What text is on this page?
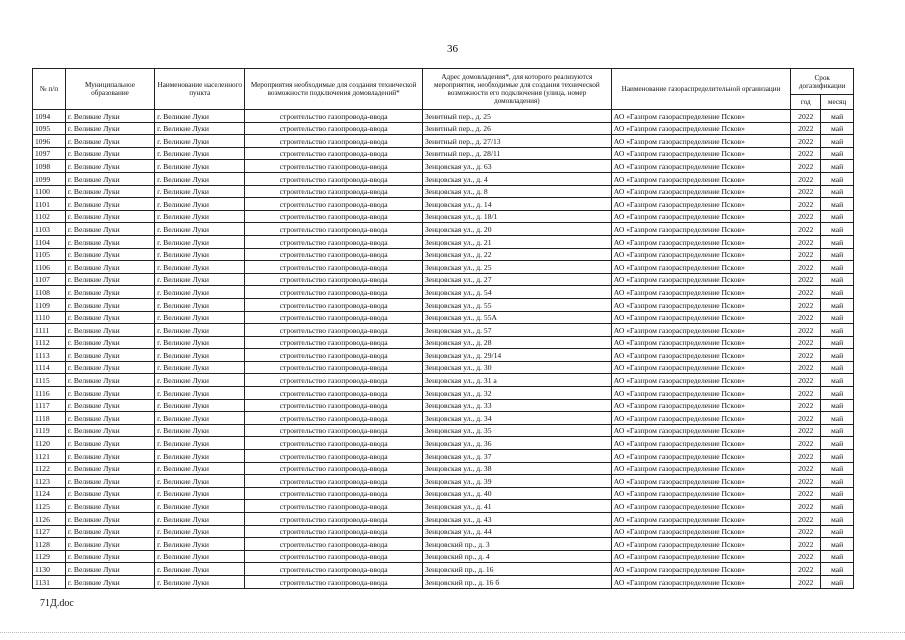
36
№ п/п	Муниципальное образование	Наименование населенного пункта	Мероприятия необходимые для создания технической возможности подключения домовладений*	Адрес домовладения*, для которого реализуются мероприятия, необходимые для создания технической возможности его подключения (улица, номер домовладения)	Наименование газораспределительной организации	Срок догазификации	
						год	месяц
1094	г. Великие Луки	г. Великие Луки	строительство газопровода-ввода	Зенитный пер., д. 25	АО «Газпром газораспределение Псков»	2022	май
1095	г. Великие Луки	г. Великие Луки	строительство газопровода-ввода	Зенитный пер., д. 26	АО «Газпром газораспределение Псков»	2022	май
1096	г. Великие Луки	г. Великие Луки	строительство газопровода-ввода	Зенитный пер., д. 27/13	АО «Газпром газораспределение Псков»	2022	май
1097	г. Великие Луки	г. Великие Луки	строительство газопровода-ввода	Зенитный пер., д. 28/11	АО «Газпром газораспределение Псков»	2022	май
1098	г. Великие Луки	г. Великие Луки	строительство газопровода-ввода	Зенцовская ул., д. 63	АО «Газпром газораспределение Псков»	2022	май
1099	г. Великие Луки	г. Великие Луки	строительство газопровода-ввода	Зенцовская ул., д. 4	АО «Газпром газораспределение Псков»	2022	май
1100	г. Великие Луки	г. Великие Луки	строительство газопровода-ввода	Зенцовская ул., д. 8	АО «Газпром газораспределение Псков»	2022	май
1101	г. Великие Луки	г. Великие Луки	строительство газопровода-ввода	Зенцовская ул., д. 14	АО «Газпром газораспределение Псков»	2022	май
1102	г. Великие Луки	г. Великие Луки	строительство газопровода-ввода	Зенцовская ул., д. 18/1	АО «Газпром газораспределение Псков»	2022	май
1103	г. Великие Луки	г. Великие Луки	строительство газопровода-ввода	Зенцовская ул., д. 20	АО «Газпром газораспределение Псков»	2022	май
1104	г. Великие Луки	г. Великие Луки	строительство газопровода-ввода	Зенцовская ул., д. 21	АО «Газпром газораспределение Псков»	2022	май
1105	г. Великие Луки	г. Великие Луки	строительство газопровода-ввода	Зенцовская ул., д. 22	АО «Газпром газораспределение Псков»	2022	май
1106	г. Великие Луки	г. Великие Луки	строительство газопровода-ввода	Зенцовская ул., д. 25	АО «Газпром газораспределение Псков»	2022	май
1107	г. Великие Луки	г. Великие Луки	строительство газопровода-ввода	Зенцовская ул., д. 27	АО «Газпром газораспределение Псков»	2022	май
1108	г. Великие Луки	г. Великие Луки	строительство газопровода-ввода	Зенцовская ул., д. 54	АО «Газпром газораспределение Псков»	2022	май
1109	г. Великие Луки	г. Великие Луки	строительство газопровода-ввода	Зенцовская ул., д. 55	АО «Газпром газораспределение Псков»	2022	май
1110	г. Великие Луки	г. Великие Луки	строительство газопровода-ввода	Зенцовская ул., д. 55А	АО «Газпром газораспределение Псков»	2022	май
1111	г. Великие Луки	г. Великие Луки	строительство газопровода-ввода	Зенцовская ул., д. 57	АО «Газпром газораспределение Псков»	2022	май
1112	г. Великие Луки	г. Великие Луки	строительство газопровода-ввода	Зенцовская ул., д. 28	АО «Газпром газораспределение Псков»	2022	май
1113	г. Великие Луки	г. Великие Луки	строительство газопровода-ввода	Зенцовская ул., д. 29/14	АО «Газпром газораспределение Псков»	2022	май
1114	г. Великие Луки	г. Великие Луки	строительство газопровода-ввода	Зенцовская ул., д. 30	АО «Газпром газораспределение Псков»	2022	май
1115	г. Великие Луки	г. Великие Луки	строительство газопровода-ввода	Зенцовская ул., д. 31 а	АО «Газпром газораспределение Псков»	2022	май
1116	г. Великие Луки	г. Великие Луки	строительство газопровода-ввода	Зенцовская ул., д. 32	АО «Газпром газораспределение Псков»	2022	май
1117	г. Великие Луки	г. Великие Луки	строительство газопровода-ввода	Зенцовская ул., д. 33	АО «Газпром газораспределение Псков»	2022	май
1118	г. Великие Луки	г. Великие Луки	строительство газопровода-ввода	Зенцовская ул., д. 34	АО «Газпром газораспределение Псков»	2022	май
1119	г. Великие Луки	г. Великие Луки	строительство газопровода-ввода	Зенцовская ул., д. 35	АО «Газпром газораспределение Псков»	2022	май
1120	г. Великие Луки	г. Великие Луки	строительство газопровода-ввода	Зенцовская ул., д. 36	АО «Газпром газораспределение Псков»	2022	май
1121	г. Великие Луки	г. Великие Луки	строительство газопровода-ввода	Зенцовская ул., д. 37	АО «Газпром газораспределение Псков»	2022	май
1122	г. Великие Луки	г. Великие Луки	строительство газопровода-ввода	Зенцовская ул., д. 38	АО «Газпром газораспределение Псков»	2022	май
1123	г. Великие Луки	г. Великие Луки	строительство газопровода-ввода	Зенцовская ул., д. 39	АО «Газпром газораспределение Псков»	2022	май
1124	г. Великие Луки	г. Великие Луки	строительство газопровода-ввода	Зенцовская ул., д. 40	АО «Газпром газораспределение Псков»	2022	май
1125	г. Великие Луки	г. Великие Луки	строительство газопровода-ввода	Зенцовская ул., д. 41	АО «Газпром газораспределение Псков»	2022	май
1126	г. Великие Луки	г. Великие Луки	строительство газопровода-ввода	Зенцовская ул., д. 43	АО «Газпром газораспределение Псков»	2022	май
1127	г. Великие Луки	г. Великие Луки	строительство газопровода-ввода	Зенцовская ул., д. 44	АО «Газпром газораспределение Псков»	2022	май
1128	г. Великие Луки	г. Великие Луки	строительство газопровода-ввода	Зенцовский пр., д. 3	АО «Газпром газораспределение Псков»	2022	май
1129	г. Великие Луки	г. Великие Луки	строительство газопровода-ввода	Зенцовский пр., д. 4	АО «Газпром газораспределение Псков»	2022	май
1130	г. Великие Луки	г. Великие Луки	строительство газопровода-ввода	Зенцовский пр., д. 16	АО «Газпром газораспределение Псков»	2022	май
1131	г. Великие Луки	г. Великие Луки	строительство газопровода-ввода	Зенцовский пр., д. 16 б	АО «Газпром газораспределение Псков»	2022	май
71Д.doc
